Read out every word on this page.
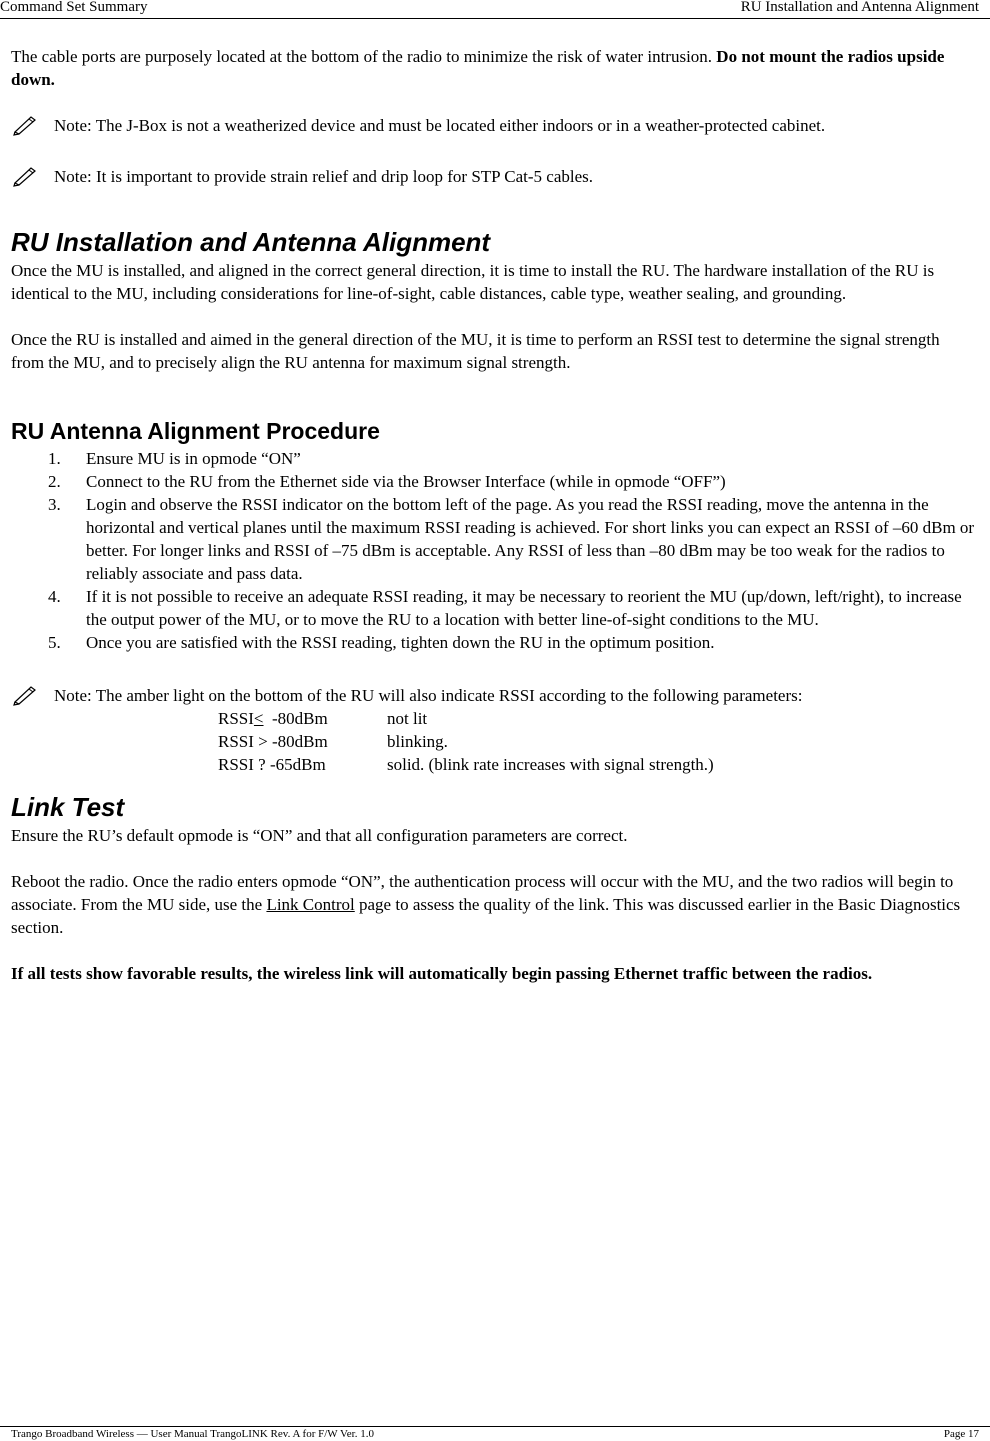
Command Set Summary	RU Installation and Antenna Alignment

The cable ports are purposely located at the bottom of the radio to minimize the risk of water intrusion. Do not mount the radios upside down.

Note: The J-Box is not a weatherized device and must be located either indoors or in a weather-protected cabinet.
Note: It is important to provide strain relief and drip loop for STP Cat-5 cables.
RU Installation and Antenna Alignment

Once the MU is installed, and aligned in the correct general direction, it is time to install the RU. The hardware installation of the RU is identical to the MU, including considerations for line-of-sight, cable distances, cable type, weather sealing, and grounding.

Once the RU is installed and aimed in the general direction of the MU, it is time to perform an RSSI test to determine the signal strength from the MU, and to precisely align the RU antenna for maximum signal strength.

RU Antenna Alignment Procedure
1. Ensure MU is in opmode “ON”
2. Connect to the RU from the Ethernet side via the Browser Interface (while in opmode “OFF”)
3. Login and observe the RSSI indicator on the bottom left of the page. As you read the RSSI reading, move the antenna in the horizontal and vertical planes until the maximum RSSI reading is achieved. For short links you can expect an RSSI of –60 dBm or better. For longer links and RSSI of –75 dBm is acceptable. Any RSSI of less than –80 dBm may be too weak for the radios to reliably associate and pass data.
4. If it is not possible to receive an adequate RSSI reading, it may be necessary to reorient the MU (up/down, left/right), to increase the output power of the MU, or to move the RU to a location with better line-of-sight conditions to the MU.
5. Once you are satisfied with the RSSI reading, tighten down the RU in the optimum position.
Note: The amber light on the bottom of the RU will also indicate RSSI according to the following parameters:
RSSI<  -80dBm	not lit
RSSI > -80dBm	blinking.
RSSI ? -65dBm	solid. (blink rate increases with signal strength.)
Link Test

Ensure the RU’s default opmode is “ON” and that all configuration parameters are correct.

Reboot the radio. Once the radio enters opmode “ON”, the authentication process will occur with the MU, and the two radios will begin to associate. From the MU side, use the Link Control page to assess the quality of the link. This was discussed earlier in the Basic Diagnostics section.

If all tests show favorable results, the wireless link will automatically begin passing Ethernet traffic between the radios.

Trango Broadband Wireless — User Manual TrangoLINK Rev. A for F/W Ver. 1.0	Page 17
